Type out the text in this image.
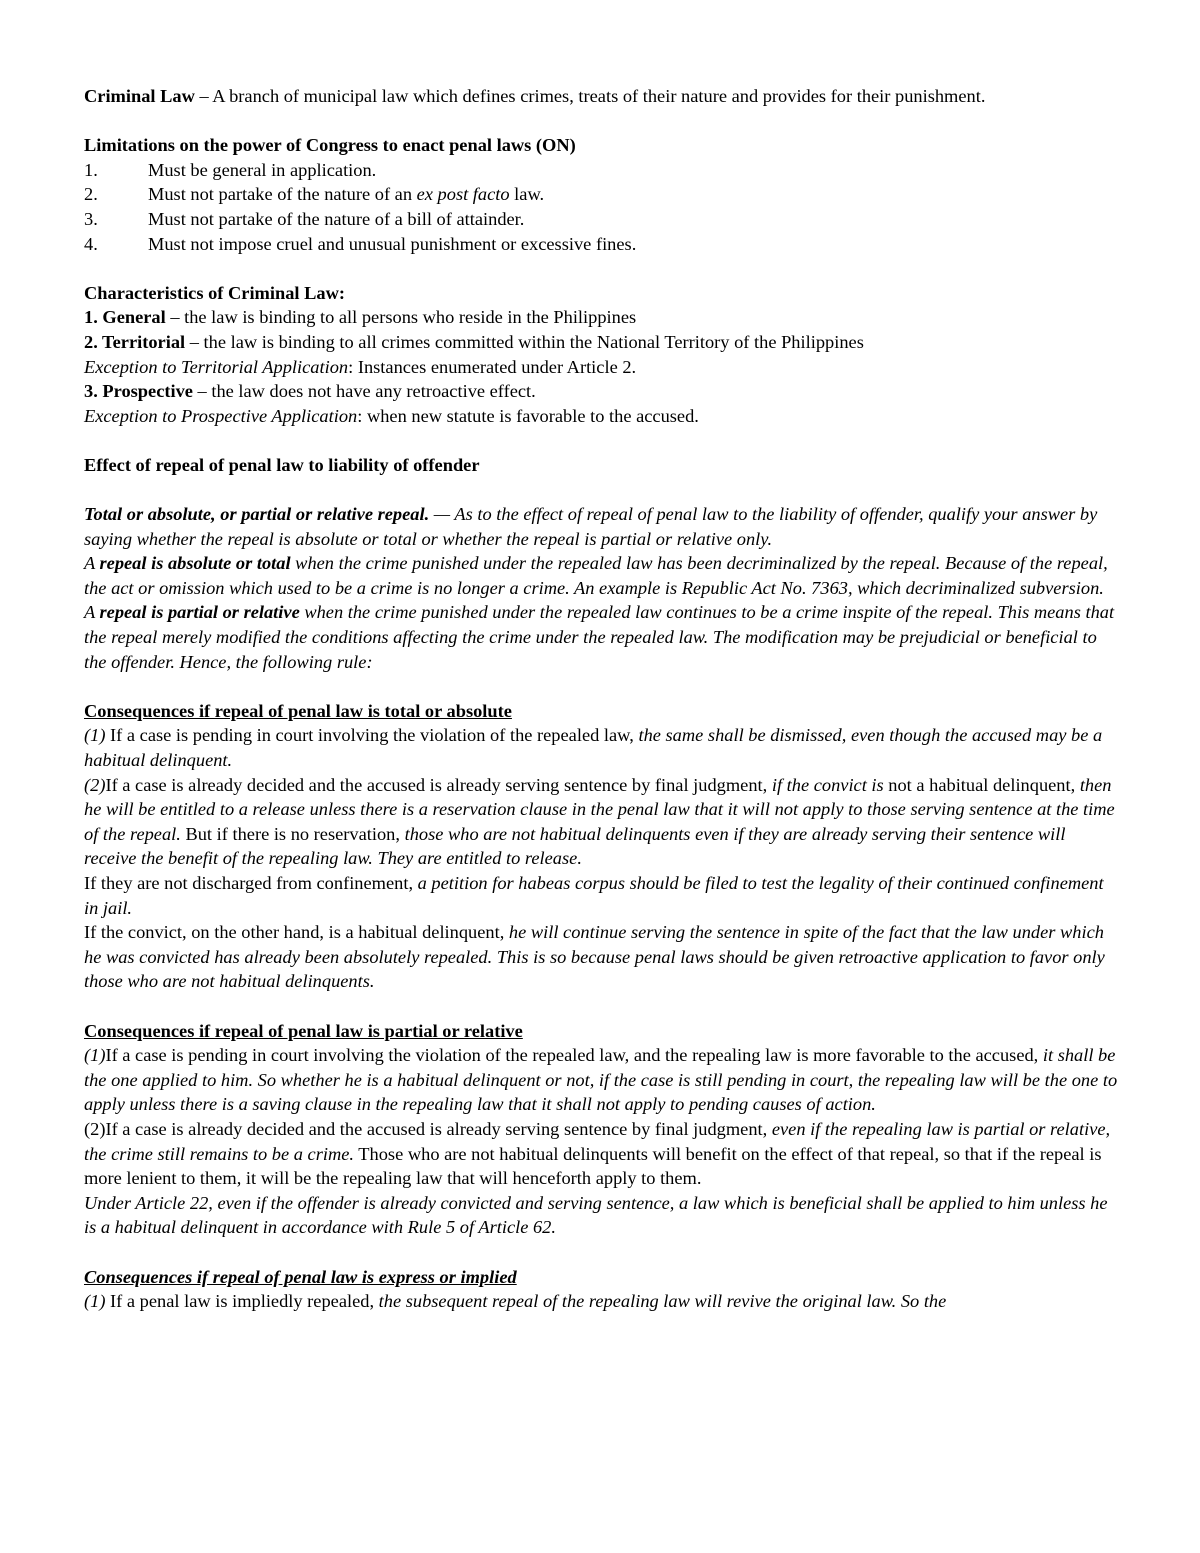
Criminal Law – A branch of municipal law which defines crimes, treats of their nature and provides for their punishment.

Limitations on the power of Congress to enact penal laws (ON)

1.	Must be general in application.
2.	Must not partake of the nature of an ex post facto law.
3.	Must not partake of the nature of a bill of attainder.
4.	Must not impose cruel and unusual punishment or excessive fines.

Characteristics of Criminal Law:

1. General – the law is binding to all persons who reside in the Philippines

2. Territorial – the law is binding to all crimes committed within the National Territory of the Philippines

Exception to Territorial Application: Instances enumerated under Article 2.

3. Prospective – the law does not have any retroactive effect.

Exception to Prospective Application: when new statute is favorable to the accused.

Effect of repeal of penal law to liability of offender

Total or absolute, or partial or relative repeal. — As to the effect of repeal of penal law to the liability of offender, qualify your answer by saying whether the repeal is absolute or total or whether the repeal is partial or relative only.

A repeal is absolute or total when the crime punished under the repealed law has been decriminalized by the repeal. Because of the repeal, the act or omission which used to be a crime is no longer a crime. An example is Republic Act No. 7363, which decriminalized subversion.

A repeal is partial or relative when the crime punished under the repealed law continues to be a crime inspite of the repeal. This means that the repeal merely modified the conditions affecting the crime under the repealed law. The modification may be prejudicial or beneficial to the offender. Hence, the following rule:

Consequences if repeal of penal law is total or absolute

(1) If a case is pending in court involving the violation of the repealed law, the same shall be dismissed, even though the accused may be a habitual delinquent.

(2)If a case is already decided and the accused is already serving sentence by final judgment, if the convict is not a habitual delinquent, then he will be entitled to a release unless there is a reservation clause in the penal law that it will not apply to those serving sentence at the time of the repeal. But if there is no reservation, those who are not habitual delinquents even if they are already serving their sentence will receive the benefit of the repealing law. They are entitled to release.

If they are not discharged from confinement, a petition for habeas corpus should be filed to test the legality of their continued confinement in jail.

If the convict, on the other hand, is a habitual delinquent, he will continue serving the sentence in spite of the fact that the law under which he was convicted has already been absolutely repealed. This is so because penal laws should be given retroactive application to favor only those who are not habitual delinquents.

Consequences if repeal of penal law is partial or relative

(1)If a case is pending in court involving the violation of the repealed law, and the repealing law is more favorable to the accused, it shall be the one applied to him. So whether he is a habitual delinquent or not, if the case is still pending in court, the repealing law will be the one to apply unless there is a saving clause in the repealing law that it shall not apply to pending causes of action.

(2)If a case is already decided and the accused is already serving sentence by final judgment, even if the repealing law is partial or relative, the crime still remains to be a crime. Those who are not habitual delinquents will benefit on the effect of that repeal, so that if the repeal is more lenient to them, it will be the repealing law that will henceforth apply to them.

Under Article 22, even if the offender is already convicted and serving sentence, a law which is beneficial shall be applied to him unless he is a habitual delinquent in accordance with Rule 5 of Article 62.

Consequences if repeal of penal law is express or implied

(1) If a penal law is impliedly repealed, the subsequent repeal of the repealing law will revive the original law. So the
